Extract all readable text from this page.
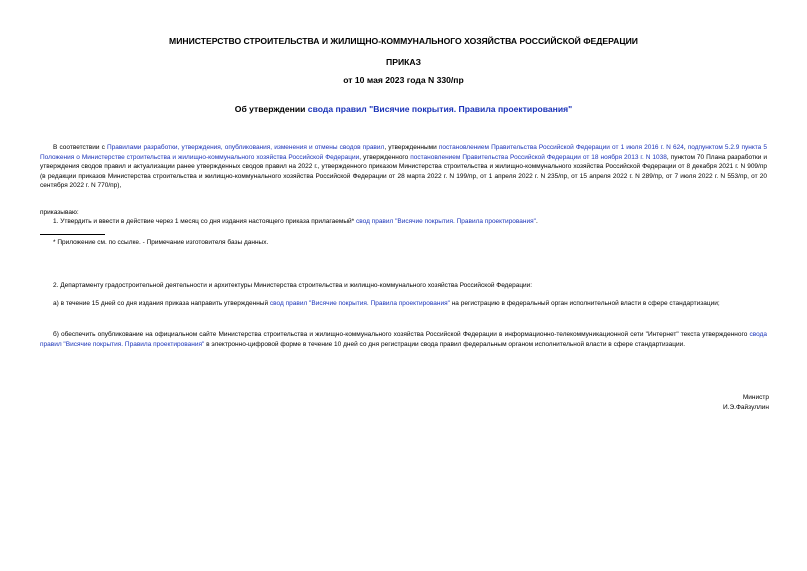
МИНИСТЕРСТВО СТРОИТЕЛЬСТВА И ЖИЛИЩНО-КОММУНАЛЬНОГО ХОЗЯЙСТВА РОССИЙСКОЙ ФЕДЕРАЦИИ
ПРИКАЗ
от 10 мая 2023 года N 330/пр
Об утверждении свода правил "Висячие покрытия. Правила проектирования"
В соответствии с Правилами разработки, утверждения, опубликования, изменения и отмены сводов правил, утвержденными постановлением Правительства Российской Федерации от 1 июля 2016 г. N 624, подпунктом 5.2.9 пункта 5 Положения о Министерстве строительства и жилищно-коммунального хозяйства Российской Федерации, утвержденного постановлением Правительства Российской Федерации от 18 ноября 2013 г. N 1038, пунктом 70 Плана разработки и утверждения сводов правил и актуализации ранее утвержденных сводов правил на 2022 г., утвержденного приказом Министерства строительства и жилищно-коммунального хозяйства Российской Федерации от 8 декабря 2021 г. N 909/пр (в редакции приказов Министерства строительства и жилищно-коммунального хозяйства Российской Федерации от 28 марта 2022 г. N 199/пр, от 1 апреля 2022 г. N 235/пр, от 15 апреля 2022 г. N 289/пр, от 7 июля 2022 г. N 553/пр, от 20 сентября 2022 г. N 770/пр),
приказываю:
1. Утвердить и ввести в действие через 1 месяц со дня издания настоящего приказа прилагаемый* свод правил "Висячие покрытия. Правила проектирования".
* Приложение см. по ссылке. - Примечание изготовителя базы данных.
2. Департаменту градостроительной деятельности и архитектуры Министерства строительства и жилищно-коммунального хозяйства Российской Федерации:
а) в течение 15 дней со дня издания приказа направить утвержденный свод правил "Висячие покрытия. Правила проектирования" на регистрацию в федеральный орган исполнительной власти в сфере стандартизации;
б) обеспечить опубликование на официальном сайте Министерства строительства и жилищно-коммунального хозяйства Российской Федерации в информационно-телекоммуникационной сети "Интернет" текста утвержденного свода правил "Висячие покрытия. Правила проектирования" в электронно-цифровой форме в течение 10 дней со дня регистрации свода правил федеральным органом исполнительной власти в сфере стандартизации.
Министр
И.Э.Файзуллин
